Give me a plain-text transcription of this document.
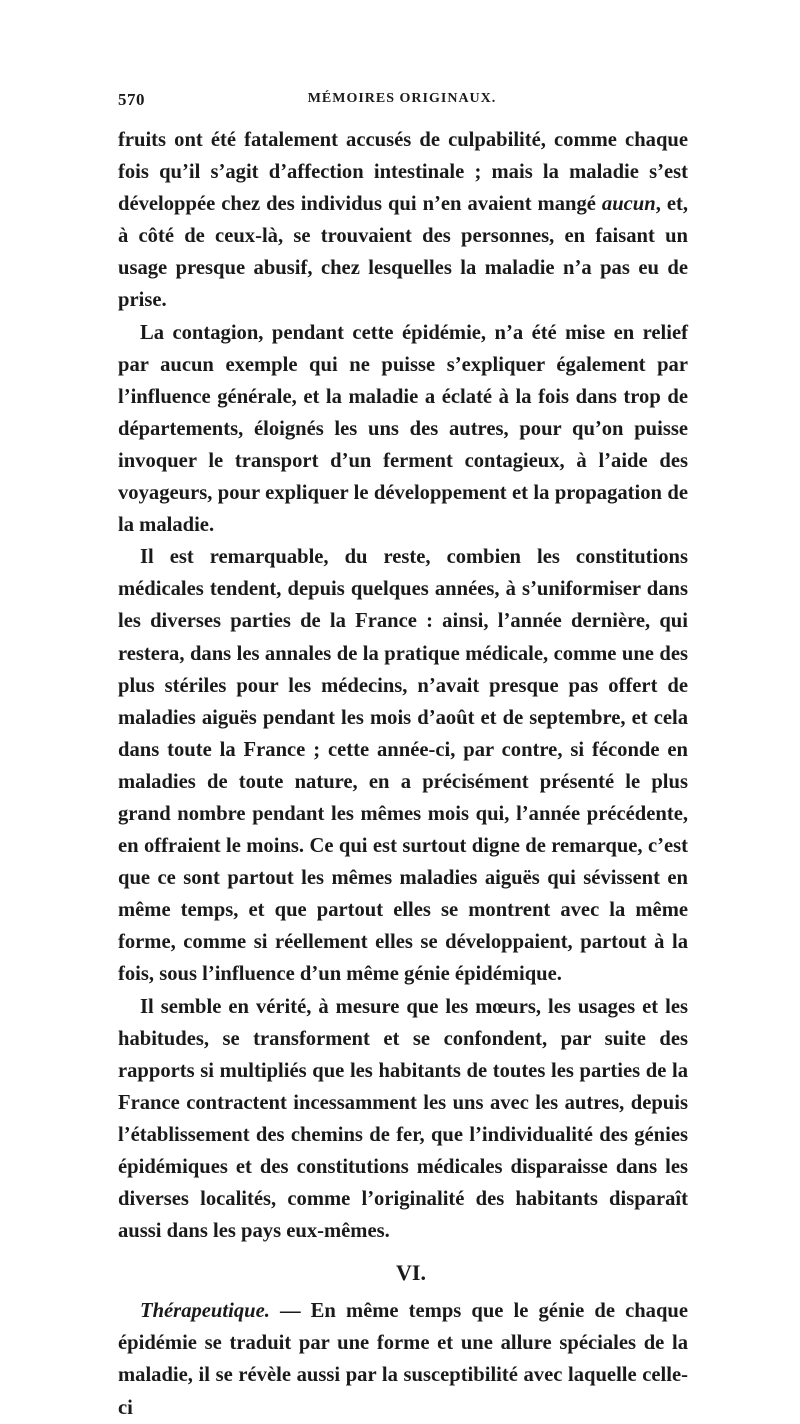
570	MÉMOIRES ORIGINAUX.

fruits ont été fatalement accusés de culpabilité, comme chaque fois qu’il s’agit d’affection intestinale ; mais la maladie s’est développée chez des individus qui n’en avaient mangé aucun, et, à côté de ceux-là, se trouvaient des personnes, en faisant un usage presque abusif, chez lesquelles la maladie n’a pas eu de prise.

La contagion, pendant cette épidémie, n’a été mise en relief par aucun exemple qui ne puisse s’expliquer également par l’influence générale, et la maladie a éclaté à la fois dans trop de départements, éloignés les uns des autres, pour qu’on puisse invoquer le transport d’un ferment contagieux, à l’aide des voyageurs, pour expliquer le développement et la propagation de la maladie.

Il est remarquable, du reste, combien les constitutions médicales tendent, depuis quelques années, à s’uniformiser dans les diverses parties de la France : ainsi, l’année dernière, qui restera, dans les annales de la pratique médicale, comme une des plus stériles pour les médecins, n’avait presque pas offert de maladies aiguës pendant les mois d’août et de septembre, et cela dans toute la France ; cette année-ci, par contre, si féconde en maladies de toute nature, en a précisément présenté le plus grand nombre pendant les mêmes mois qui, l’année précédente, en offraient le moins. Ce qui est surtout digne de remarque, c’est que ce sont partout les mêmes maladies aiguës qui sévissent en même temps, et que partout elles se montrent avec la même forme, comme si réellement elles se développaient, partout à la fois, sous l’influence d’un même génie épidémique.

Il semble en vérité, à mesure que les mœurs, les usages et les habitudes, se transforment et se confondent, par suite des rapports si multipliés que les habitants de toutes les parties de la France contractent incessamment les uns avec les autres, depuis l’établissement des chemins de fer, que l’individualité des génies épidémiques et des constitutions médicales disparaisse dans les diverses localités, comme l’originalité des habitants disparaît aussi dans les pays eux-mêmes.

VI.

Thérapeutique. — En même temps que le génie de chaque épidémie se traduit par une forme et une allure spéciales de la maladie, il se révèle aussi par la susceptibilité avec laquelle celle-ci
